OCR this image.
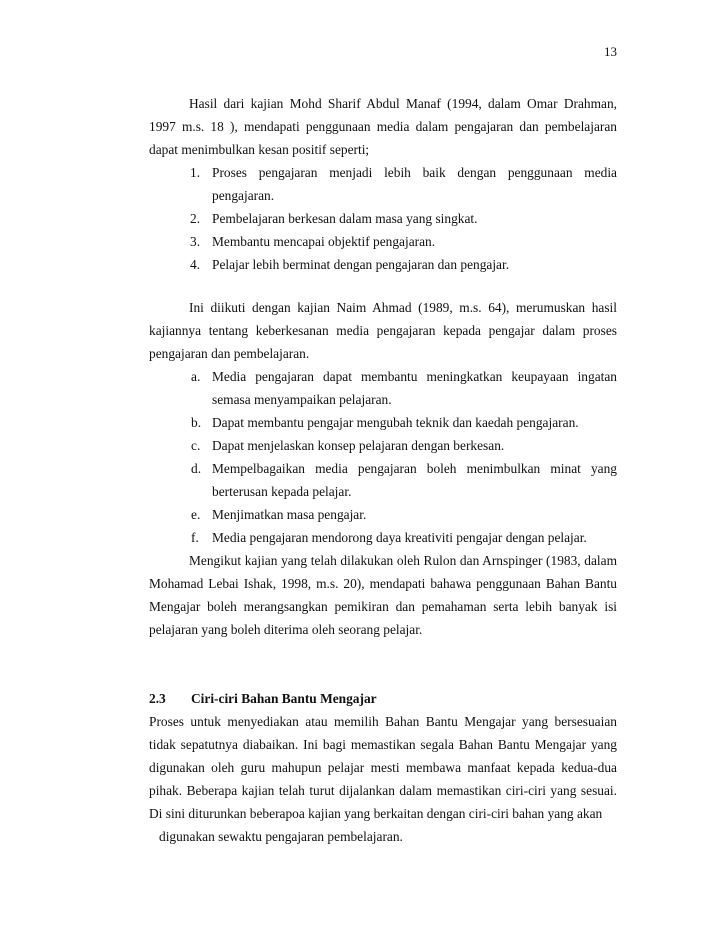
13

Hasil dari kajian Mohd Sharif Abdul Manaf (1994, dalam Omar Drahman, 1997 m.s. 18 ), mendapati penggunaan media dalam pengajaran dan pembelajaran dapat menimbulkan kesan positif seperti;

1. Proses pengajaran menjadi lebih baik dengan penggunaan media pengajaran.
2. Pembelajaran berkesan dalam masa yang singkat.
3. Membantu mencapai objektif pengajaran.
4. Pelajar lebih berminat dengan pengajaran dan pengajar.

Ini diikuti dengan kajian Naim Ahmad (1989, m.s. 64), merumuskan hasil kajiannya tentang keberkesanan media pengajaran kepada pengajar dalam proses pengajaran dan pembelajaran.

a. Media pengajaran dapat membantu meningkatkan keupayaan ingatan semasa menyampaikan pelajaran.
b. Dapat membantu pengajar mengubah teknik dan kaedah pengajaran.
c. Dapat menjelaskan konsep pelajaran dengan berkesan.
d. Mempelbagaikan media pengajaran boleh menimbulkan minat yang berterusan kepada pelajar.
e. Menjimatkan masa pengajar.
f. Media pengajaran mendorong daya kreativiti pengajar dengan pelajar.

Mengikut kajian yang telah dilakukan oleh Rulon dan Arnspinger (1983, dalam Mohamad Lebai Ishak, 1998, m.s. 20), mendapati bahawa penggunaan Bahan Bantu Mengajar boleh merangsangkan pemikiran dan pemahaman serta lebih banyak isi pelajaran yang boleh diterima oleh seorang pelajar.

2.3 Ciri-ciri Bahan Bantu Mengajar

Proses untuk menyediakan atau memilih Bahan Bantu Mengajar yang bersesuaian tidak sepatutnya diabaikan. Ini bagi memastikan segala Bahan Bantu Mengajar yang digunakan oleh guru mahupun pelajar mesti membawa manfaat kepada kedua-dua pihak. Beberapa kajian telah turut dijalankan dalam memastikan ciri-ciri yang sesuai. Di sini diturunkan beberapoa kajian yang berkaitan dengan ciri-ciri bahan yang akan

digunakan sewaktu pengajaran pembelajaran.
